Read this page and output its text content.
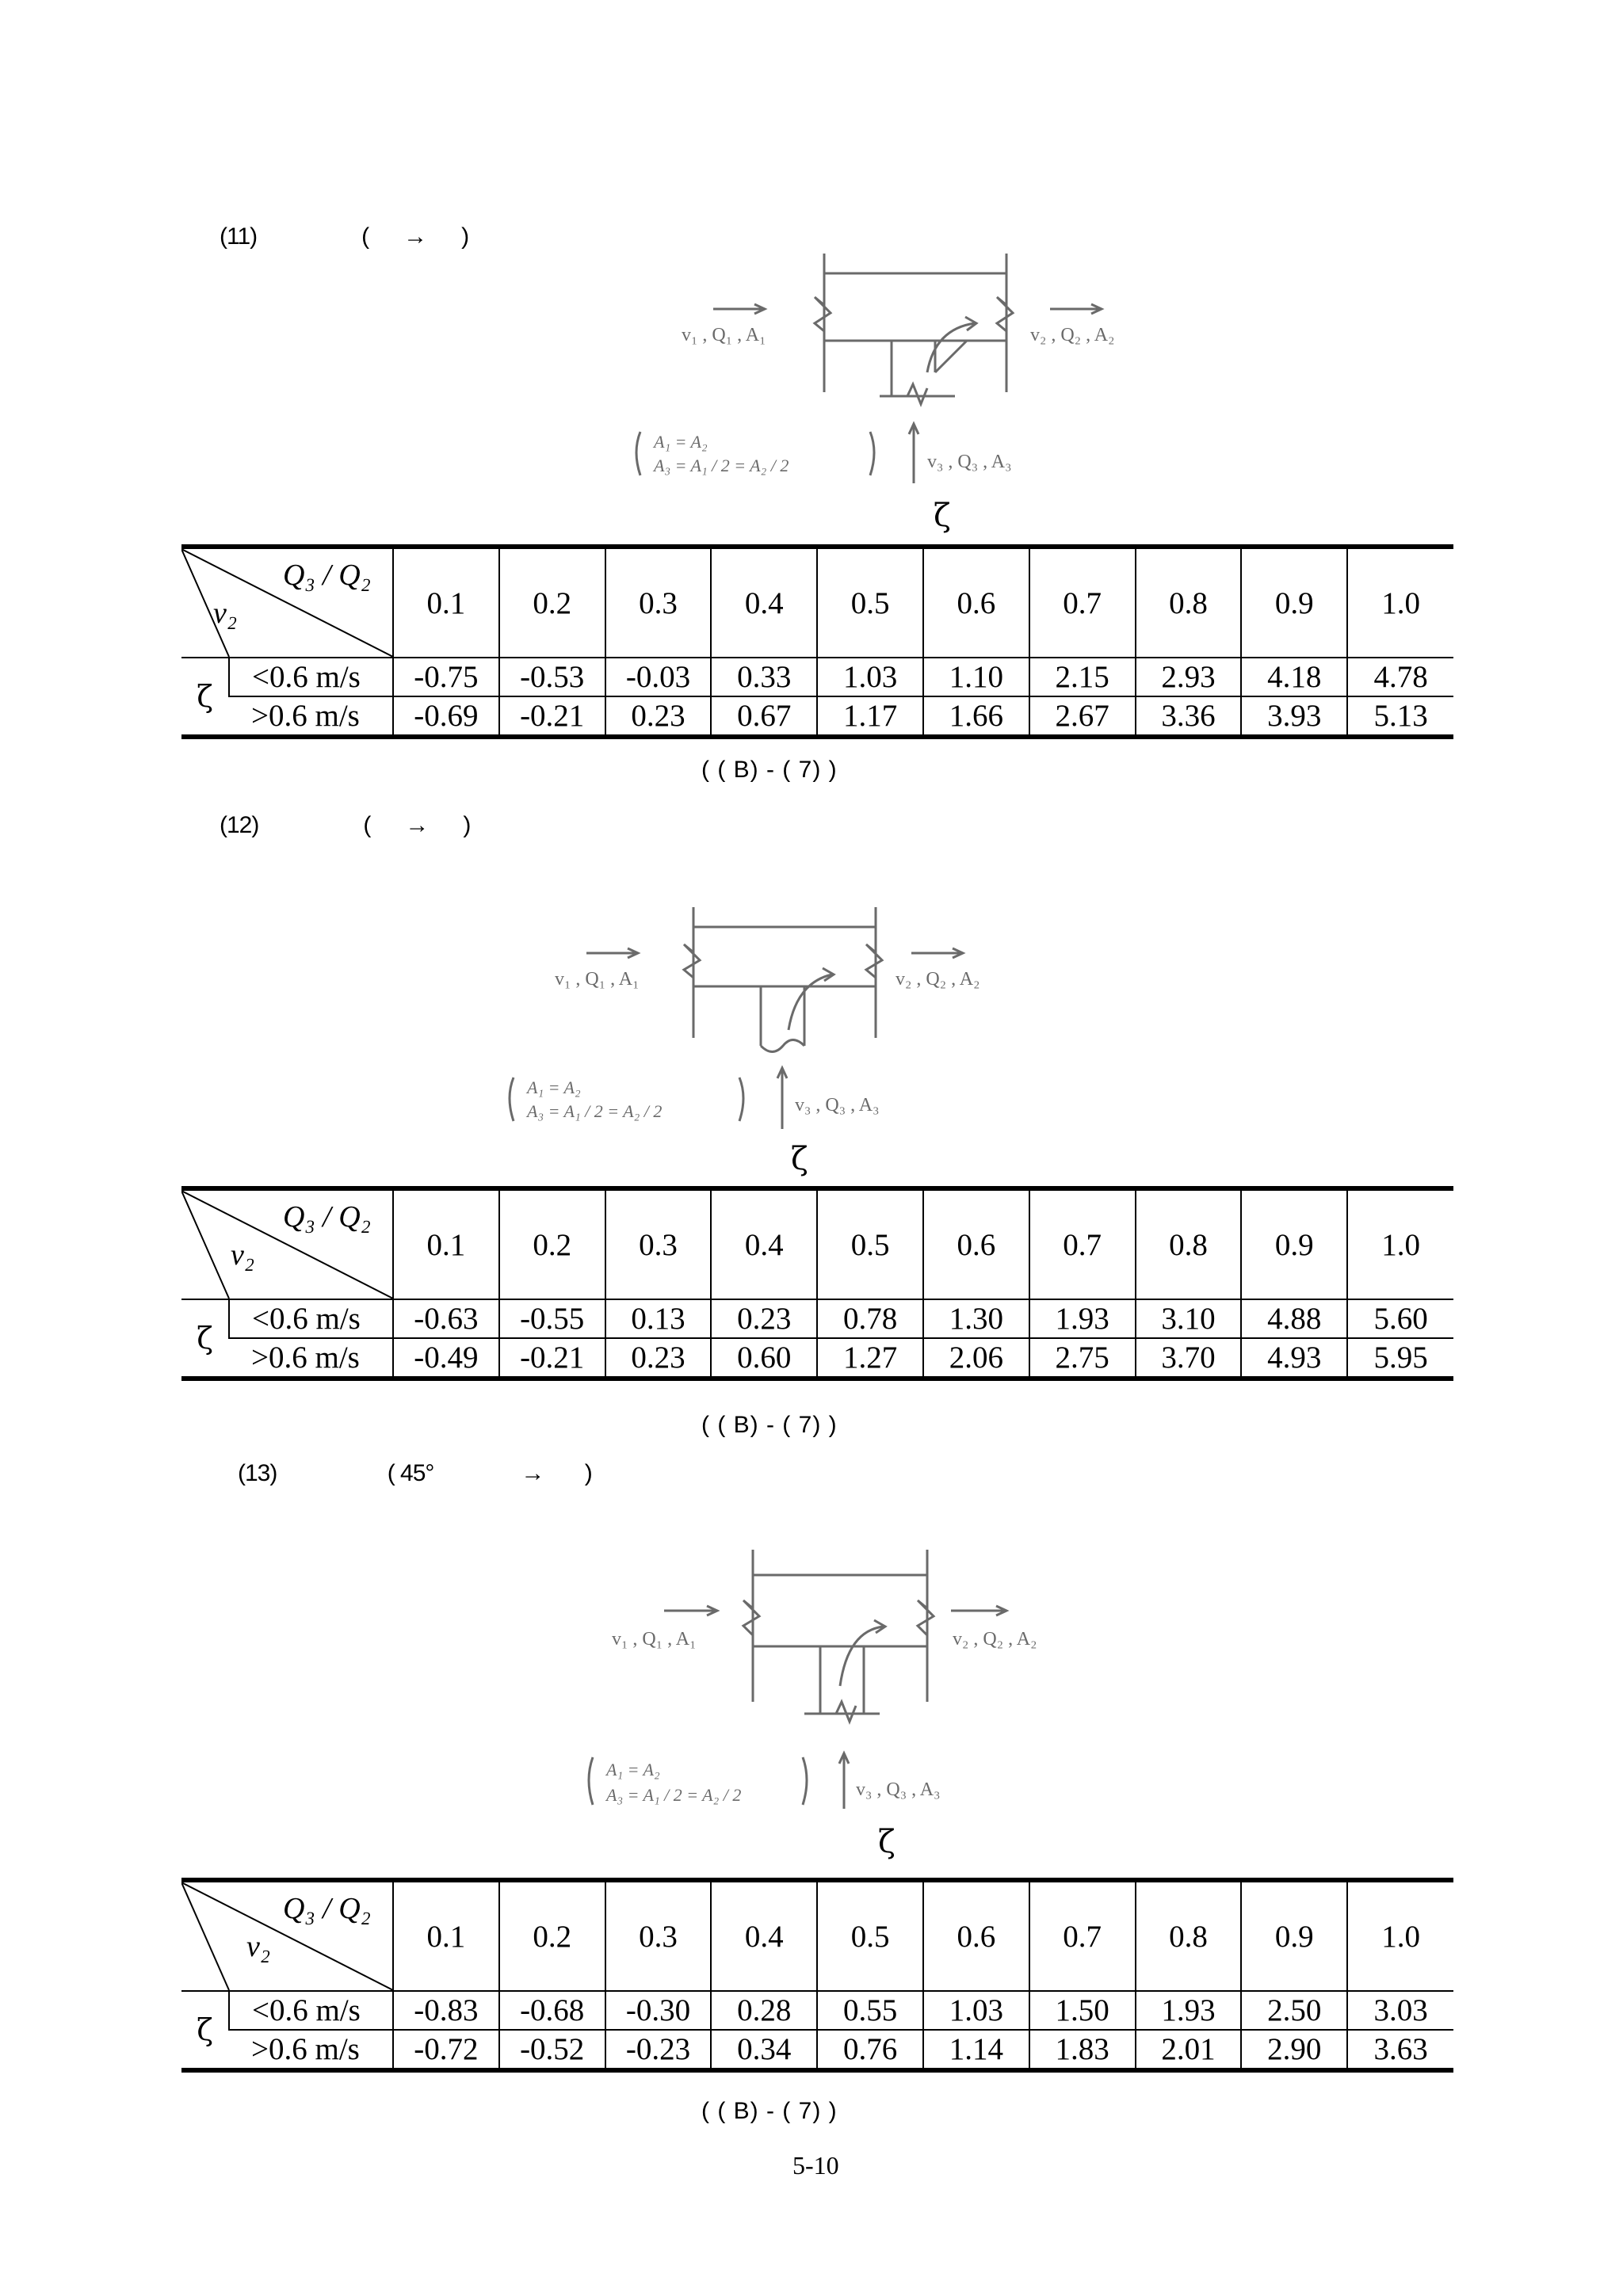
(11)                  (      →      )
v₁ , Q₁ , A₁	v₂ , Q₂ , A₂
v₃ , Q₃ , A₃
A₁ = A₂
A₃ = A₁ / 2 = A₂ / 2
ζ
Q₃ / Q₂
v₂		0.1	0.2	0.3	0.4	0.5	0.6	0.7	0.8	0.9	1.0
ζ	<0.6 m/s	-0.75	-0.53	-0.03	0.33	1.03	1.10	2.15	2.93	4.18	4.78
	>0.6 m/s	-0.69	-0.21	0.23	0.67	1.17	1.66	2.67	3.36	3.93	5.13
( ( B) - ( 7) )
(12)                  (      →      )
v₁ , Q₁ , A₁	v₂ , Q₂ , A₂
v₃ , Q₃ , A₃
A₁ = A₂
A₃ = A₁ / 2 = A₂ / 2
ζ
Q₃ / Q₂
v₂		0.1	0.2	0.3	0.4	0.5	0.6	0.7	0.8	0.9	1.0
ζ	<0.6 m/s	-0.63	-0.55	0.13	0.23	0.78	1.30	1.93	3.10	4.88	5.60
	>0.6 m/s	-0.49	-0.21	0.23	0.60	1.27	2.06	2.75	3.70	4.93	5.95
( ( B) - ( 7) )
(13)                   ( 45°               →       )
v₁ , Q₁ , A₁	v₂ , Q₂ , A₂
v₃ , Q₃ , A₃
A₁ = A₂
A₃ = A₁ / 2 = A₂ / 2
ζ
Q₃ / Q₂
v₂		0.1	0.2	0.3	0.4	0.5	0.6	0.7	0.8	0.9	1.0
ζ	<0.6 m/s	-0.83	-0.68	-0.30	0.28	0.55	1.03	1.50	1.93	2.50	3.03
	>0.6 m/s	-0.72	-0.52	-0.23	0.34	0.76	1.14	1.83	2.01	2.90	3.63
( ( B) - ( 7) )
5-10
